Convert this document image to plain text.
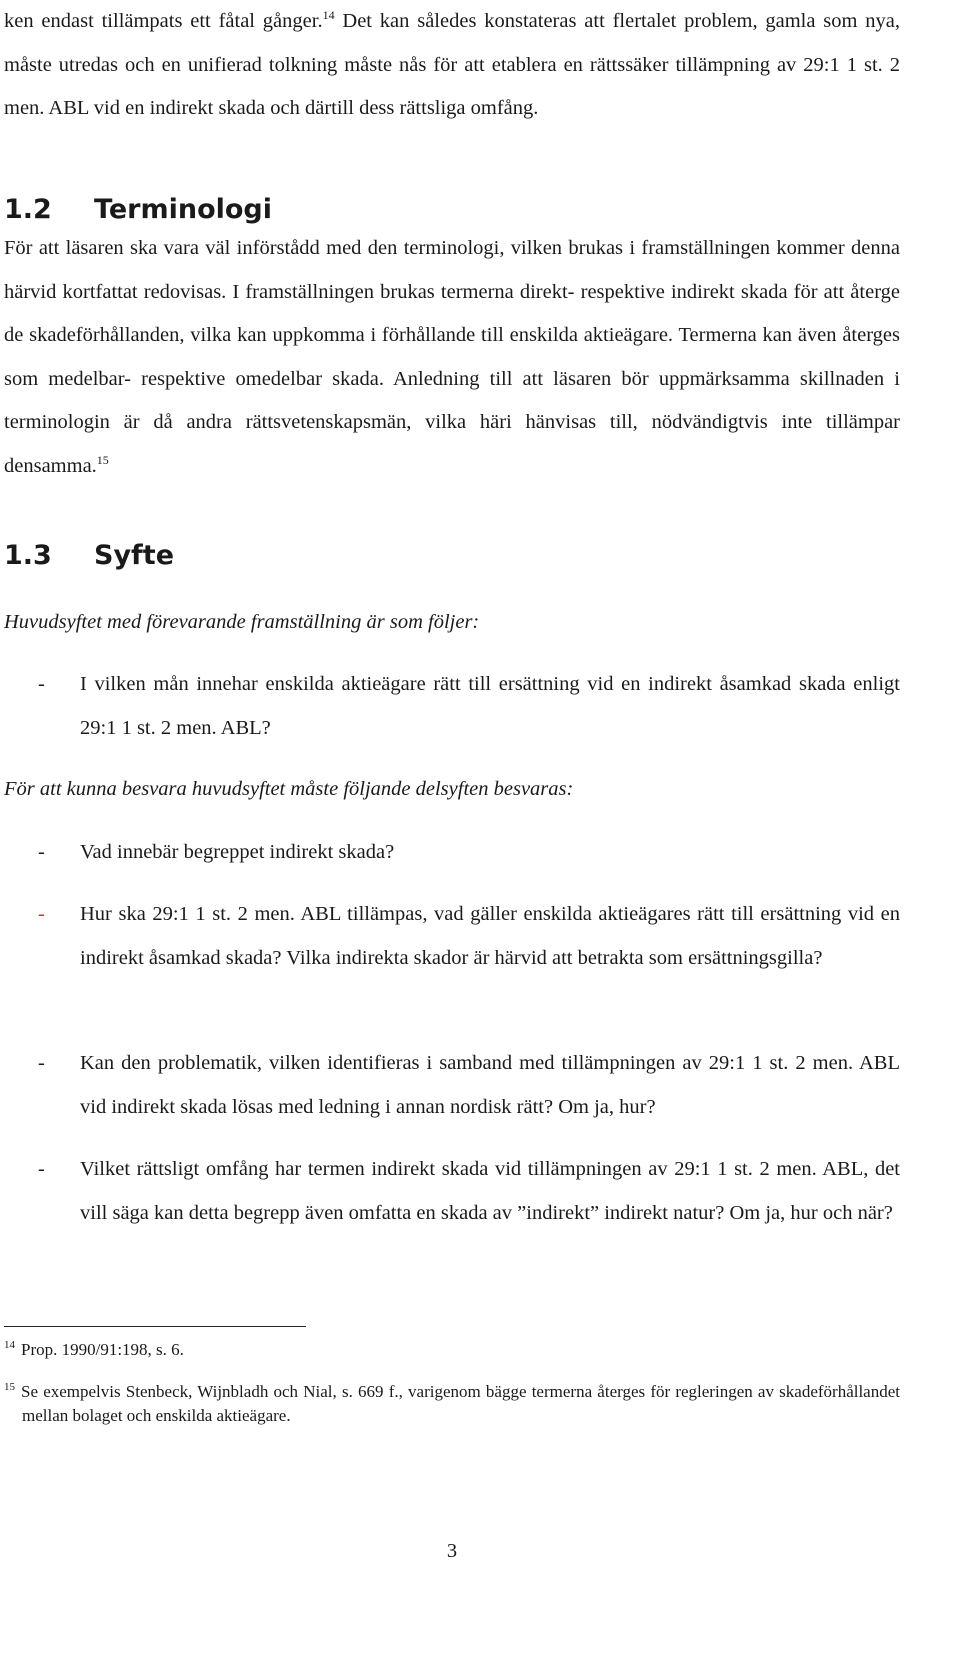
ken endast tillämpats ett fåtal gånger.$^{14}$ Det kan således konstateras att flertalet problem, gamla som nya, måste utredas och en unifierad tolkning måste nås för att etablera en rättssäker tillämpning av 29:1 1 st. 2 men. ABL vid en indirekt skada och därtill dess rättsliga omfång.

1.2 Terminologi

För att läsaren ska vara väl införstådd med den terminologi, vilken brukas i framställningen kommer denna härvid kortfattat redovisas. I framställningen brukas termerna direkt- respektive indirekt skada för att återge de skadeförhållanden, vilka kan uppkomma i förhållande till enskilda aktieägare. Termerna kan även återges som medelbar- respektive omedelbar skada. Anledning till att läsaren bör uppmärksamma skillnaden i terminologin är då andra rättsvetenskapsmän, vilka häri hänvisas till, nödvändigtvis inte tillämpar densamma.$^{15}$

1.3 Syfte

Huvudsyftet med förevarande framställning är som följer:

- I vilken mån innehar enskilda aktieägare rätt till ersättning vid en indirekt åsamkad skada enligt 29:1 1 st. 2 men. ABL?

För att kunna besvara huvudsyftet måste följande delsyften besvaras:

- Vad innebär begreppet indirekt skada?
- Hur ska 29:1 1 st. 2 men. ABL tillämpas, vad gäller enskilda aktieägares rätt till ersättning vid en indirekt åsamkad skada? Vilka indirekta skador är härvid att betrakta som ersättningsgilla?
- Kan den problematik, vilken identifieras i samband med tillämpningen av 29:1 1 st. 2 men. ABL vid indirekt skada lösas med ledning i annan nordisk rätt? Om ja, hur?
- Vilket rättsligt omfång har termen indirekt skada vid tillämpningen av 29:1 1 st. 2 men. ABL, det vill säga kan detta begrepp även omfatta en skada av ”indirekt” indirekt natur? Om ja, hur och när?
$^{14}$ Prop. 1990/91:198, s. 6.
$^{15}$ Se exempelvis Stenbeck, Wijnbladh och Nial, s. 669 f., varigenom bägge termerna återges för regleringen av skadeförhållandet mellan bolaget och enskilda aktieägare.
3
